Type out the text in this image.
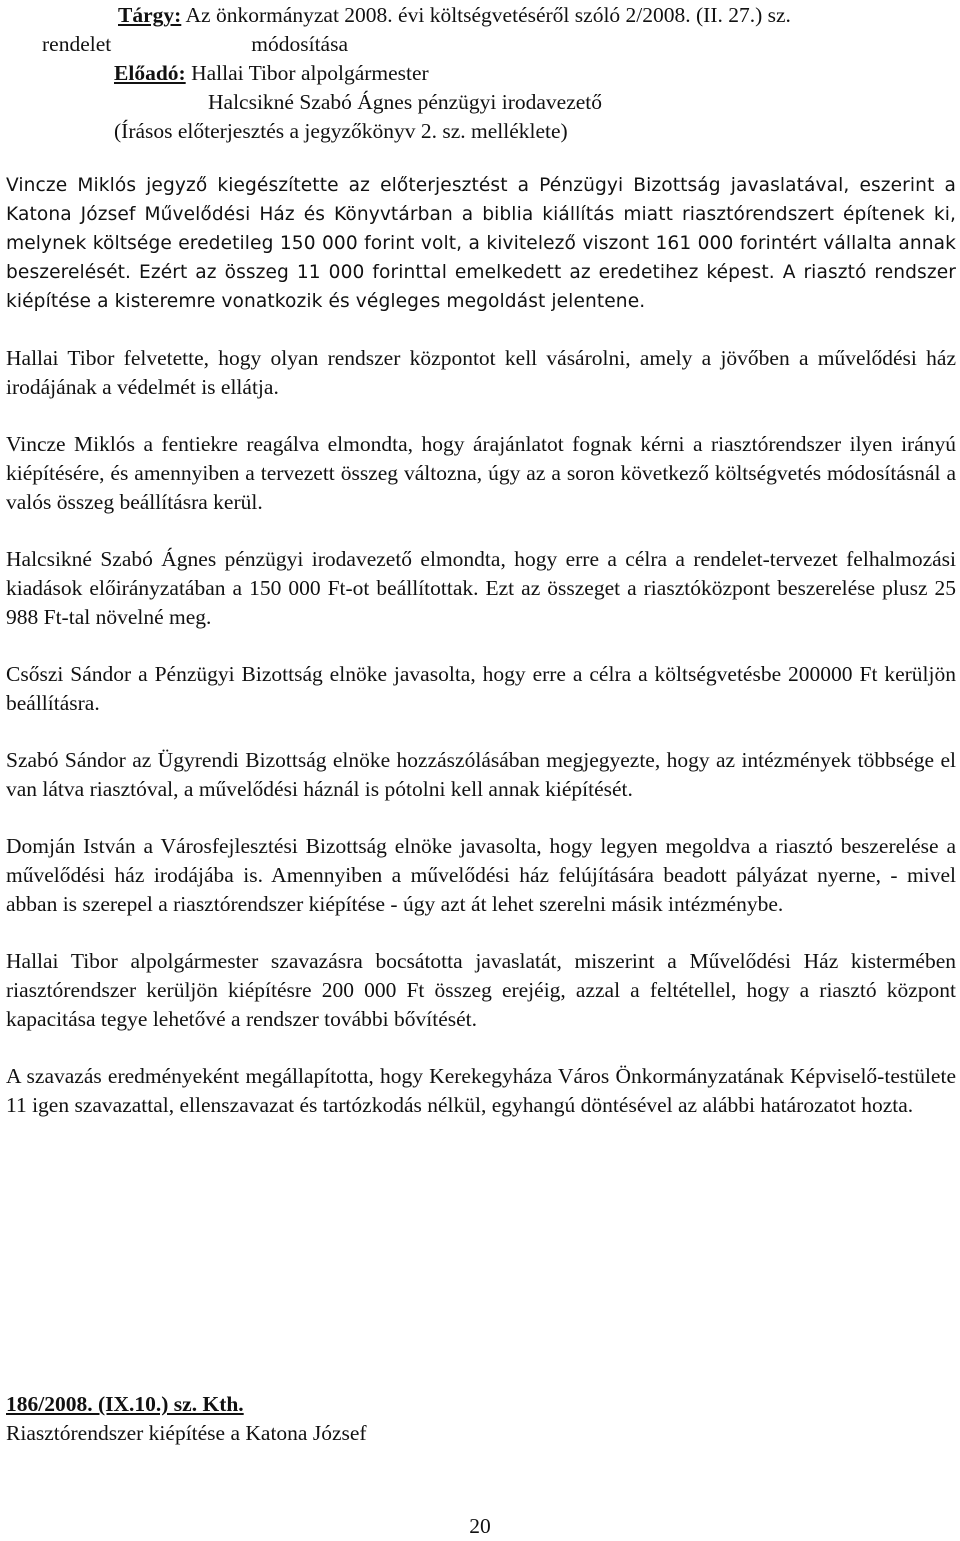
Tárgy: Az önkormányzat 2008. évi költségvetéséről szóló 2/2008. (II. 27.) sz.
rendelet	módosítása
Előadó: Hallai Tibor alpolgármester
Halcsikné Szabó Ágnes pénzügyi irodavezető
(Írásos előterjesztés a jegyzőkönyv 2. sz. melléklete)

Vincze Miklós jegyző kiegészítette az előterjesztést a Pénzügyi Bizottság javaslatával, eszerint a Katona József Művelődési Ház és Könyvtárban a biblia kiállítás miatt riasztórendszert építenek ki, melynek költsége eredetileg 150 000 forint volt, a kivitelező viszont 161 000 forintért vállalta annak beszerelését. Ezért az összeg 11 000 forinttal emelkedett az eredetihez képest. A riasztó rendszer kiépítése a kisteremre vonatkozik és végleges megoldást jelentene.

Hallai Tibor felvetette, hogy olyan rendszer központot kell vásárolni, amely a jövőben a művelődési ház irodájának a védelmét is ellátja.

Vincze Miklós a fentiekre reagálva elmondta, hogy árajánlatot fognak kérni a riasztórendszer ilyen irányú kiépítésére, és amennyiben a tervezett összeg változna, úgy az a soron következő költségvetés módosításnál a valós összeg beállításra kerül.

Halcsikné Szabó Ágnes pénzügyi irodavezető elmondta, hogy erre a célra a rendelet-tervezet felhalmozási kiadások előirányzatában a 150 000 Ft-ot beállítottak. Ezt az összeget a riasztóközpont beszerelése plusz 25 988 Ft-tal növelné meg.

Csőszi Sándor a Pénzügyi Bizottság elnöke javasolta, hogy erre a célra a költségvetésbe 200000 Ft kerüljön beállításra.

Szabó Sándor az Ügyrendi Bizottság elnöke hozzászólásában megjegyezte, hogy az intézmények többsége el van látva riasztóval, a művelődési háznál is pótolni kell annak kiépítését.

Domján István a Városfejlesztési Bizottság elnöke javasolta, hogy legyen megoldva a riasztó beszerelése a művelődési ház irodájába is. Amennyiben a művelődési ház felújítására beadott pályázat nyerne, - mivel abban is szerepel a riasztórendszer kiépítése - úgy azt át lehet szerelni másik intézménybe.

Hallai Tibor alpolgármester szavazásra bocsátotta javaslatát, miszerint a Művelődési Ház kistermében riasztórendszer kerüljön kiépítésre 200 000 Ft összeg erejéig, azzal a feltétellel, hogy a riasztó központ kapacitása tegye lehetővé a rendszer további bővítését.

A szavazás eredményeként megállapította, hogy Kerekegyháza Város Önkormányzatának Képviselő-testülete 11 igen szavazattal, ellenszavazat és tartózkodás nélkül, egyhangú döntésével az alábbi határozatot hozta.

186/2008. (IX.10.) sz. Kth.
Riasztórendszer kiépítése a Katona József
20
